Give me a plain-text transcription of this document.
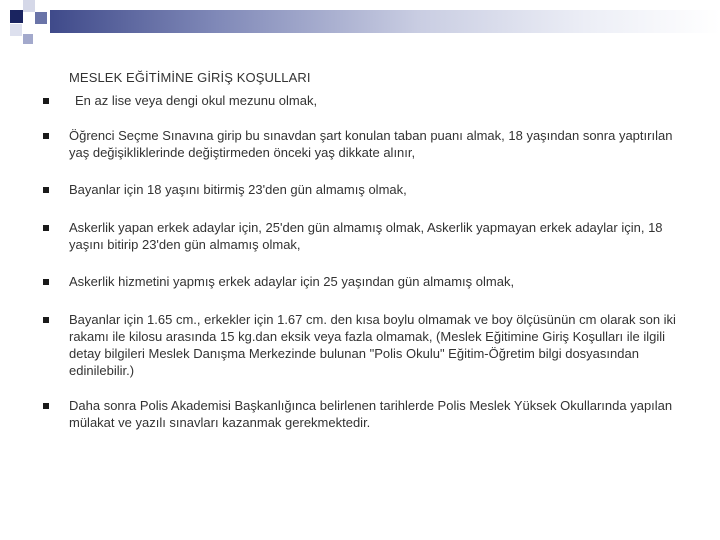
MESLEK EĞİTİMİNE GİRİŞ KOŞULLARI
En az lise veya dengi okul mezunu olmak,
Öğrenci Seçme Sınavına girip bu sınavdan şart konulan taban puanı almak, 18 yaşından sonra yaptırılan yaş değişikliklerinde değiştirmeden önceki yaş dikkate alınır,
Bayanlar için 18 yaşını bitirmiş 23'den gün almamış olmak,
Askerlik yapan erkek adaylar için, 25'den gün almamış olmak, Askerlik yapmayan erkek adaylar için, 18 yaşını bitirip 23'den gün almamış olmak,
Askerlik hizmetini yapmış erkek adaylar için 25 yaşından gün almamış olmak,
Bayanlar için 1.65 cm., erkekler için 1.67 cm. den kısa boylu olmamak ve boy ölçüsünün cm olarak son iki rakamı ile kilosu arasında 15 kg.dan eksik veya fazla olmamak, (Meslek Eğitimine Giriş Koşulları ile ilgili detay bilgileri Meslek Danışma Merkezinde bulunan "Polis Okulu" Eğitim-Öğretim bilgi dosyasından edinilebilir.)
Daha sonra Polis Akademisi Başkanlığınca belirlenen tarihlerde Polis Meslek Yüksek Okullarında yapılan mülakat ve yazılı sınavları kazanmak gerekmektedir.
